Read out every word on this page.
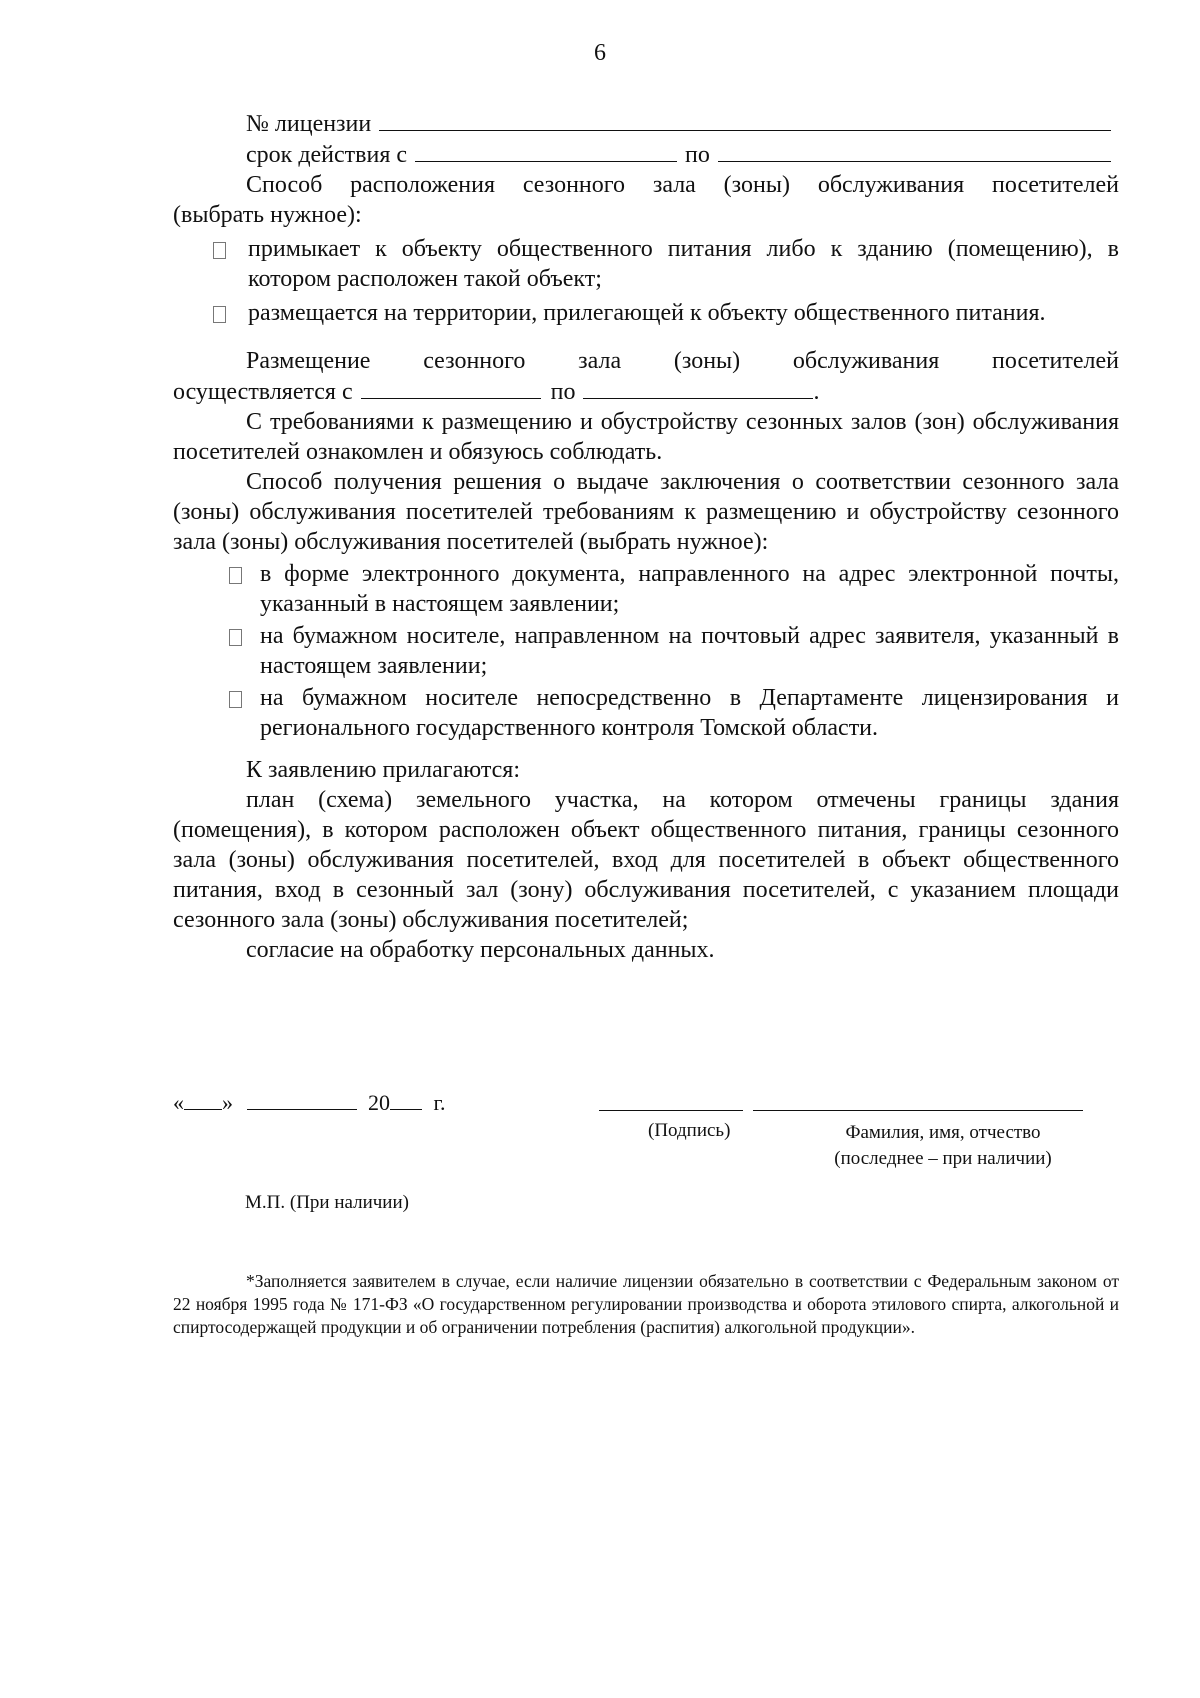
6
№ лицензии
срок действия с	по

Способ расположения сезонного зала (зоны) обслуживания посетителей

(выбрать нужное):

примыкает к объекту общественного питания либо к зданию (помещению), в котором расположен такой объект;
размещается на территории, прилегающей к объекту общественного питания.

Размещение сезонного зала (зоны) обслуживания посетителей

осуществляется с	по	.

С требованиями к размещению и обустройству сезонных залов (зон) обслуживания посетителей ознакомлен и обязуюсь соблюдать.

Способ получения решения о выдаче заключения о соответствии сезонного зала (зоны) обслуживания посетителей требованиям к размещению и обустройству сезонного зала (зоны) обслуживания посетителей (выбрать нужное):

в форме электронного документа, направленного на адрес электронной почты, указанный в настоящем заявлении;
на бумажном носителе, направленном на почтовый адрес заявителя, указанный в настоящем заявлении;
на бумажном носителе непосредственно в Департаменте лицензирования и регионального государственного контроля Томской области.

К заявлению прилагаются:

план (схема) земельного участка, на котором отмечены границы здания (помещения), в котором расположен объект общественного питания, границы сезонного зала (зоны) обслуживания посетителей, вход для посетителей в объект общественного питания, вход в сезонный зал (зону) обслуживания посетителей, с указанием площади сезонного зала (зоны) обслуживания посетителей;

согласие на обработку персональных данных.

« »	20 г.
(Подпись)	Фамилия, имя, отчество
(последнее – при наличии)
М.П. (При наличии)

*Заполняется заявителем в случае, если наличие лицензии обязательно в соответствии с Федеральным законом от 22 ноября 1995 года № 171-ФЗ «О государственном регулировании производства и оборота этилового спирта, алкогольной и спиртосодержащей продукции и об ограничении потребления (распития) алкогольной продукции».
